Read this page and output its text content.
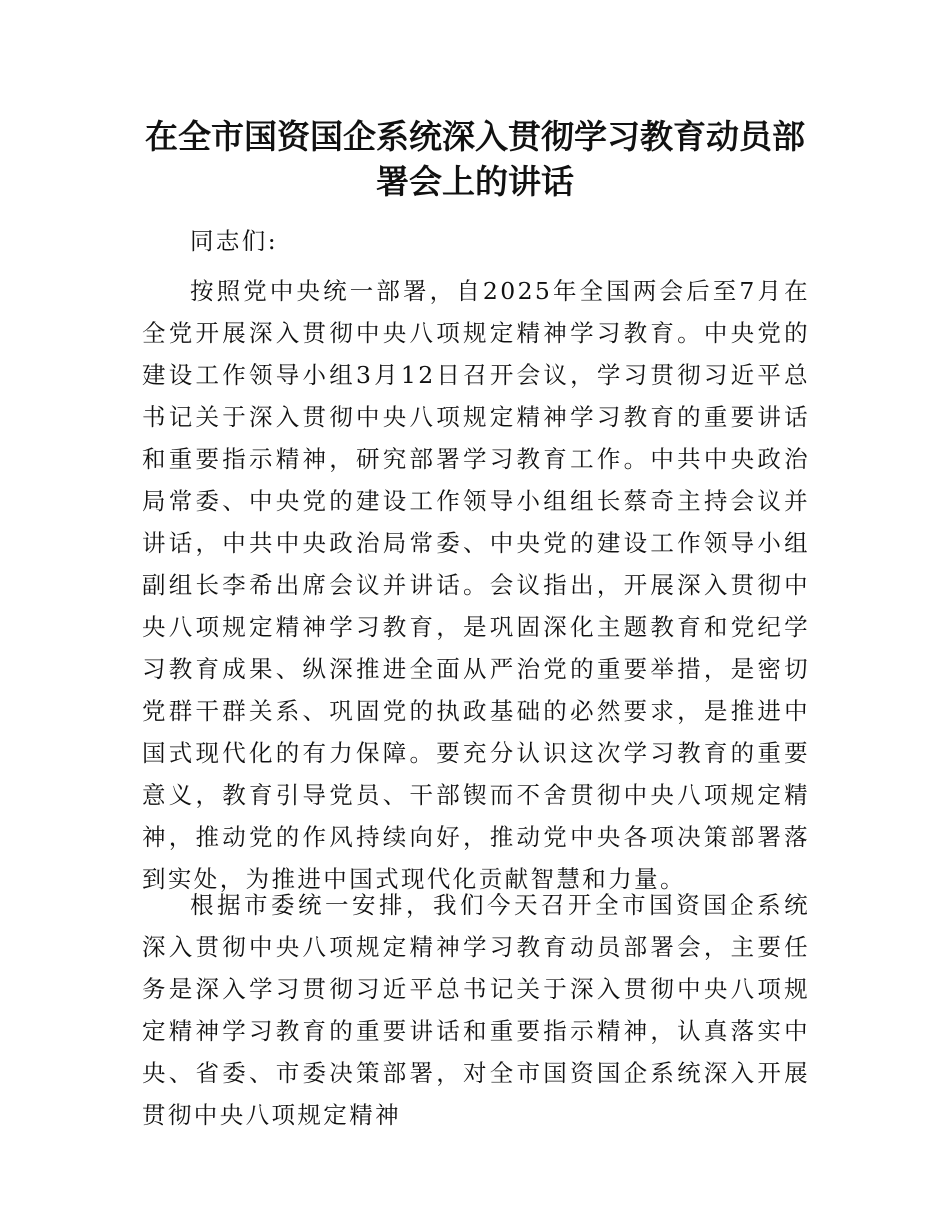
在全市国资国企系统深入贯彻学习教育动员部署会上的讲话

同志们:

按照党中央统一部署，自2025年全国两会后至7月在全党开展深入贯彻中央八项规定精神学习教育。中央党的建设工作领导小组3月12日召开会议，学习贯彻习近平总书记关于深入贯彻中央八项规定精神学习教育的重要讲话和重要指示精神，研究部署学习教育工作。中共中央政治局常委、中央党的建设工作领导小组组长蔡奇主持会议并讲话，中共中央政治局常委、中央党的建设工作领导小组副组长李希出席会议并讲话。会议指出，开展深入贯彻中央八项规定精神学习教育，是巩固深化主题教育和党纪学习教育成果、纵深推进全面从严治党的重要举措，是密切党群干群关系、巩固党的执政基础的必然要求，是推进中国式现代化的有力保障。要充分认识这次学习教育的重要意义，教育引导党员、干部锲而不舍贯彻中央八项规定精神，推动党的作风持续向好，推动党中央各项决策部署落到实处，为推进中国式现代化贡献智慧和力量。

根据市委统一安排，我们今天召开全市国资国企系统深入贯彻中央八项规定精神学习教育动员部署会，主要任务是深入学习贯彻习近平总书记关于深入贯彻中央八项规定精神学习教育的重要讲话和重要指示精神，认真落实中央、省委、市委决策部署，对全市国资国企系统深入开展贯彻中央八项规定精神
